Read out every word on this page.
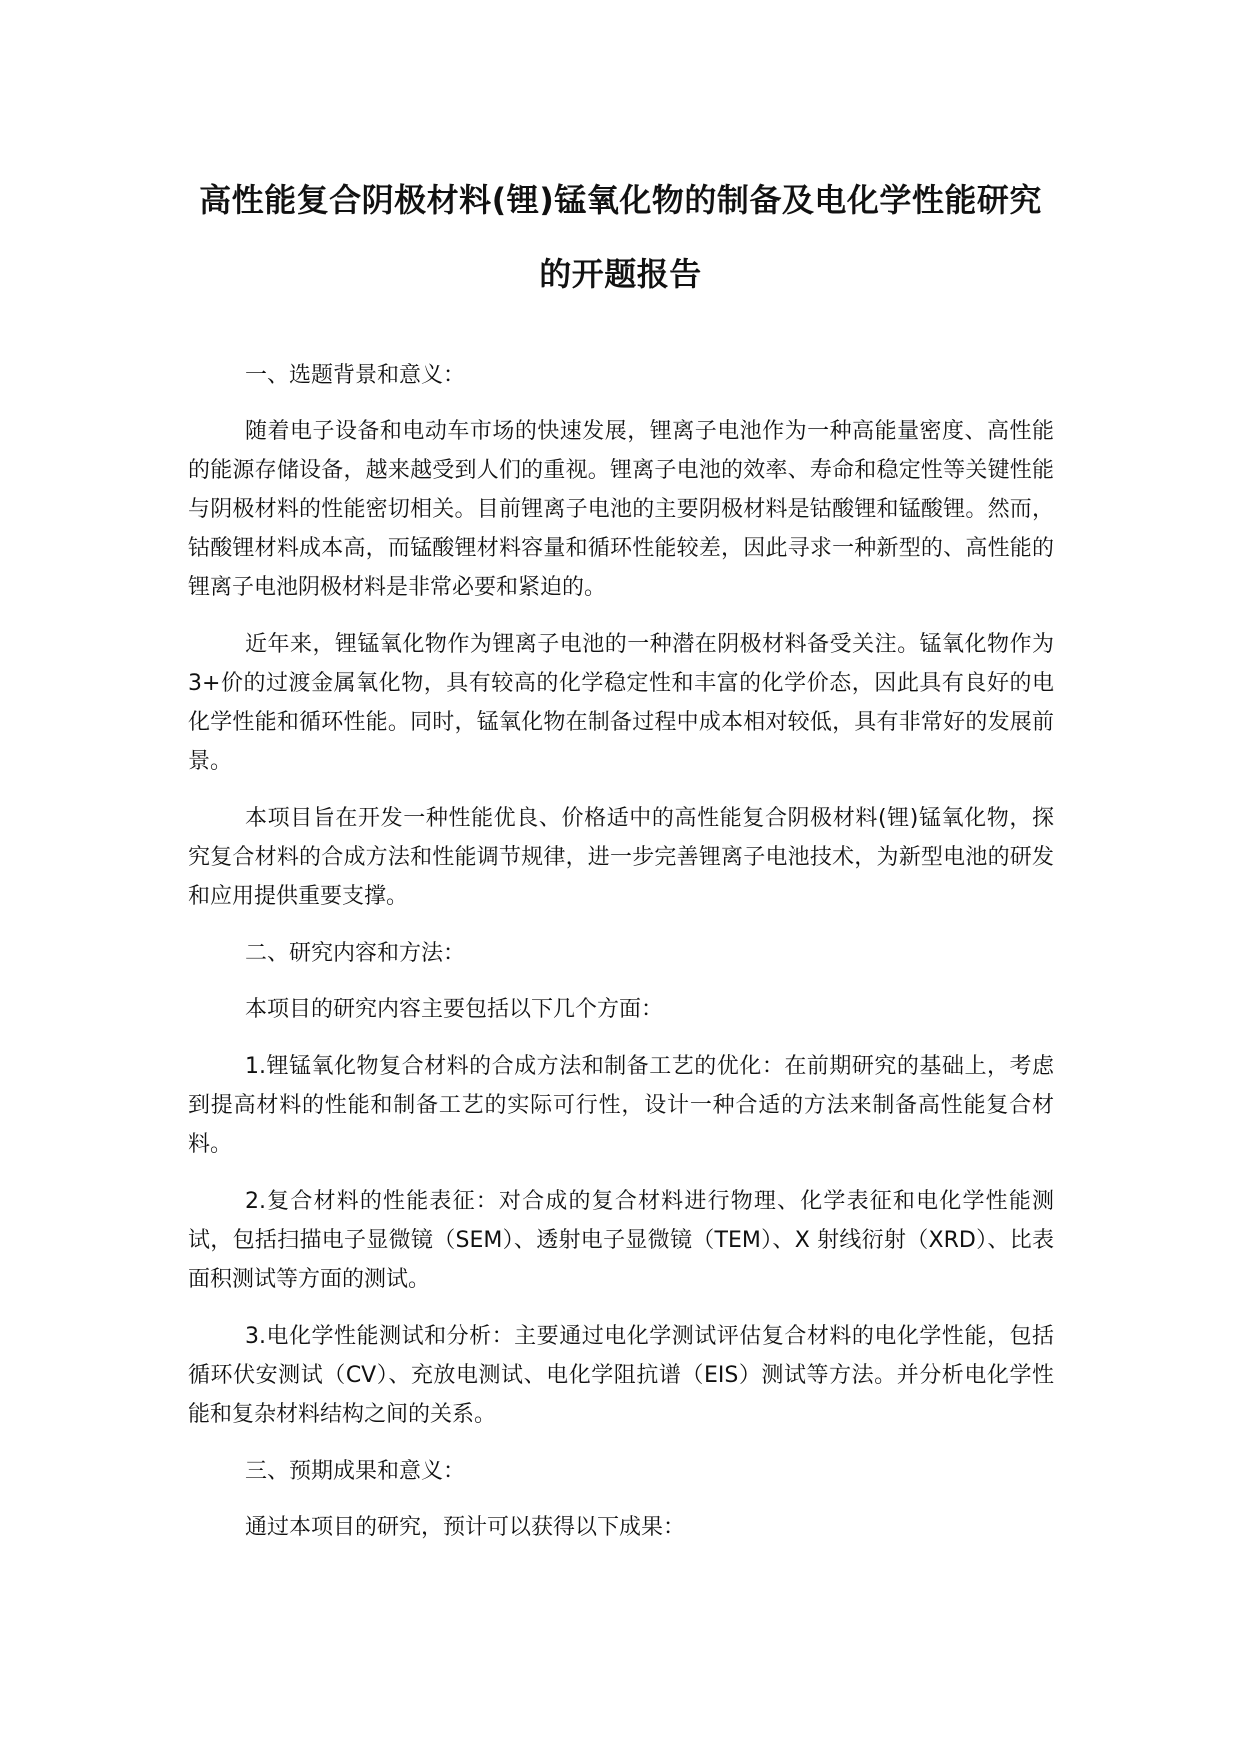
高性能复合阴极材料(锂)锰氧化物的制备及电化学性能研究
的开题报告

一、选题背景和意义：

随着电子设备和电动车市场的快速发展，锂离子电池作为一种高能量密度、高性能的能源存储设备，越来越受到人们的重视。锂离子电池的效率、寿命和稳定性等关键性能与阴极材料的性能密切相关。目前锂离子电池的主要阴极材料是钴酸锂和锰酸锂。然而，钴酸锂材料成本高，而锰酸锂材料容量和循环性能较差，因此寻求一种新型的、高性能的锂离子电池阴极材料是非常必要和紧迫的。

近年来，锂锰氧化物作为锂离子电池的一种潜在阴极材料备受关注。锰氧化物作为 3+价的过渡金属氧化物，具有较高的化学稳定性和丰富的化学价态，因此具有良好的电化学性能和循环性能。同时，锰氧化物在制备过程中成本相对较低，具有非常好的发展前景。

本项目旨在开发一种性能优良、价格适中的高性能复合阴极材料(锂)锰氧化物，探究复合材料的合成方法和性能调节规律，进一步完善锂离子电池技术，为新型电池的研发和应用提供重要支撑。

二、研究内容和方法：

本项目的研究内容主要包括以下几个方面：

1.锂锰氧化物复合材料的合成方法和制备工艺的优化：在前期研究的基础上，考虑到提高材料的性能和制备工艺的实际可行性，设计一种合适的方法来制备高性能复合材料。

2.复合材料的性能表征：对合成的复合材料进行物理、化学表征和电化学性能测试，包括扫描电子显微镜（SEM）、透射电子显微镜（TEM）、X 射线衍射（XRD）、比表面积测试等方面的测试。

3.电化学性能测试和分析：主要通过电化学测试评估复合材料的电化学性能，包括循环伏安测试（CV）、充放电测试、电化学阻抗谱（EIS）测试等方法。并分析电化学性能和复杂材料结构之间的关系。

三、预期成果和意义：

通过本项目的研究，预计可以获得以下成果：
